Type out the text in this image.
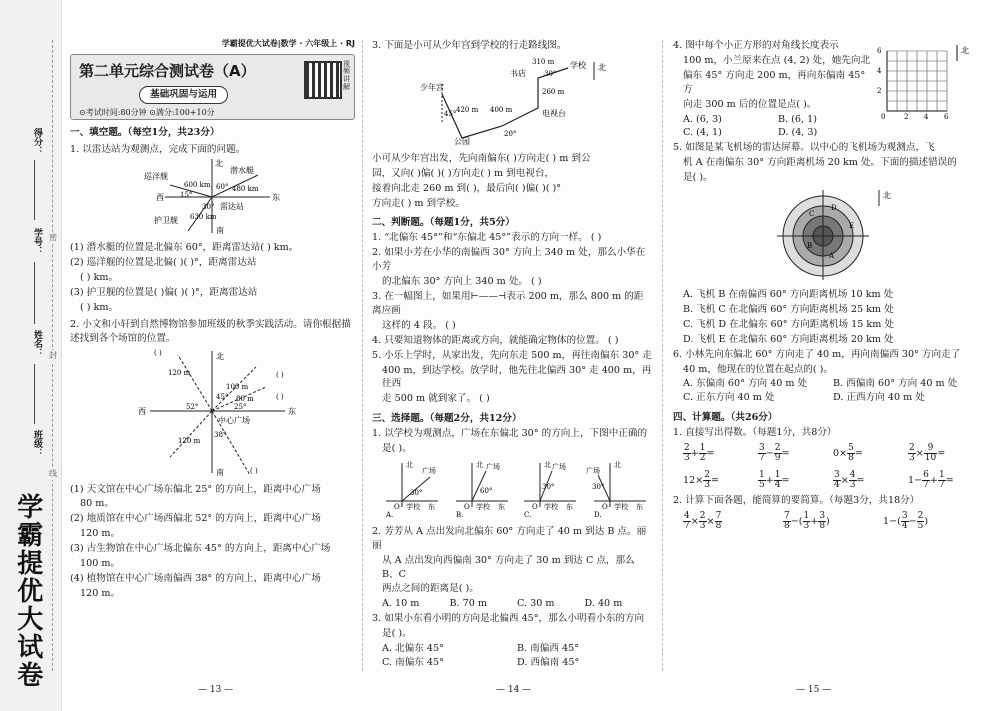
得分：
学号：
姓名：
班级：
密
封
线
学霸提优大试卷
学霸提优大试卷|数学 · 六年级上 · RJ
第二单元综合测试卷（A）
基础巩固与运用
⊙考试时间:80分钟 ⊙满分:100+10分
视频讲解

一、填空题。（每空1分，共23分）

1. 以雷达站为观测点，完成下面的问题。

北
东
西
南
潜水艇
巡洋舰
护卫舰
雷达站
600 km	480 km
630 km
15°
60°
30°

(1) 潜水艇的位置是北偏东 60°，距离雷达站( ) km。

(2) 巡洋舰的位置是北偏( )( )°，距离雷达站

( ) km。

(3) 护卫舰的位置是( )偏( )( )°，距离雷达站

( ) km。

2. 小文和小轩到自然博物馆参加班级的秋季实践活动。请你根据描述找到各个场馆的位置。

北
东
西
南
中心广场
120 m
100 m
80 m
120 m
45°
25°
52°
38°
( )
( )
( )
( )

(1) 天文馆在中心广场东偏北 25° 的方向上，距离中心广场

80 m。

(2) 地质馆在中心广场西偏北 52° 的方向上，距离中心广场

120 m。

(3) 古生物馆在中心广场北偏东 45° 的方向上，距离中心广场

100 m。

(4) 植物馆在中心广场南偏西 38° 的方向上，距离中心广场

120 m。

— 13 —

3. 下面是小可从少年宫到学校的行走路线图。

北
少年宫
学校
书店
电视台
公园
310 m
420 m 400 m
260 m
45°
20°
30°

小可从少年宫出发，先向南偏东( )方向走( ) m 到公

园，又向( )偏( )( )方向走( ) m 到电视台，

接着向北走 260 m 到( )，最后向( )偏( )( )°

方向走( ) m 到学校。

二、判断题。（每题1分，共5分）

1. “北偏东 45°”和“东偏北 45°”表示的方向一样。 ( )

2. 如果小芳在小华的南偏西 30° 方向上 340 m 处，那么小华在小芳

的北偏东 30° 方向上 340 m 处。 ( )

3. 在一幅图上，如果用⊢——⊣表示 200 m，那么 800 m 的距离应画

这样的 4 段。 ( )

4. 只要知道物体的距离或方向，就能确定物体的位置。 ( )

5. 小乐上学时，从家出发，先向东走 500 m，再往南偏东 30° 走

400 m，到达学校。放学时，他先往北偏西 30° 走 400 m，再往西

走 500 m 就到家了。 ( )

三、选择题。（每题2分，共12分）

1. 以学校为观测点，广场在东偏北 30° 的方向上，下图中正确的

是( )。

北
广场
30°
O 学校 东
A.
北 广场
60°
O 学校 东
B.
北 广场
30°
O 学校 东
C.
北
广场
30°
O 学校 东
D.

2. 芳芳从 A 点出发向北偏东 60° 方向走了 40 m 到达 B 点。丽丽

从 A 点出发向西偏南 30° 方向走了 30 m 到达 C 点，那么 B、C

两点之间的距离是( )。

A. 10 m	B. 70 m	C. 30 m	D. 40 m

3. 如果小东看小明的方向是北偏西 45°，那么小明看小东的方向

是( )。

A. 北偏东 45°	B. 南偏西 45°
C. 南偏东 45°	D. 西偏南 45°
— 14 —

4. 图中每个小正方形的对角线长度表示

100 m，小兰原来在点 (4, 2) 处，她先向北

偏东 45° 方向走 200 m，再向东偏南 45° 方

向走 300 m 后的位置是点( )。

A. (6, 3)	B. (6, 1)
C. (4, 1)	D. (4, 3)
北
6
4
2
0	2 4 6

5. 如图是某飞机场的雷达屏幕。以中心的飞机场为观测点，飞

机 A 在南偏东 30° 方向距离机场 20 km 处。下面的描述错误的

是( )。

北
A
B
C
D
E

A. 飞机 B 在南偏西 60° 方向距离机场 10 km 处

B. 飞机 C 在北偏西 60° 方向距离机场 25 km 处

C. 飞机 D 在北偏东 60° 方向距离机场 15 km 处

D. 飞机 E 在北偏东 60° 方向距离机场 20 km 处

6. 小林先向东偏北 60° 方向走了 40 m，再向南偏西 30° 方向走了

40 m，他现在的位置在起点的( )。

A. 东偏南 60° 方向 40 m 处	B. 西偏南 60° 方向 40 m 处
C. 正东方向 40 m 处	D. 正西方向 40 m 处

四、计算题。（共26分）

1. 直接写出得数。（每题1分，共8分）

$\frac{2}{3} + \frac{1}{2}$ =	$\frac{3}{7} - \frac{2}{9}$ =	$0\times \frac{5}{8}$ =	$\frac{2}{3} \times \frac{9}{10}$ =
$12\times \frac{2}{3}$ =	$\frac{1}{5} + \frac{1}{4}$ =	$\frac{3}{4} \times \frac{4}{3}$ =	$1- \frac{6}{7} + \frac{1}{7}$ =

2. 计算下面各题，能简算的要简算。（每题3分，共18分）

$\frac{4}{7} \times \frac{2}{3} \times \frac{7}{8}$	$\frac{7}{8}$ −( $\frac{1}{3} + \frac{3}{8}$ )	$1-( \frac{3}{4} - \frac{2}{5}$ )
— 15 —
